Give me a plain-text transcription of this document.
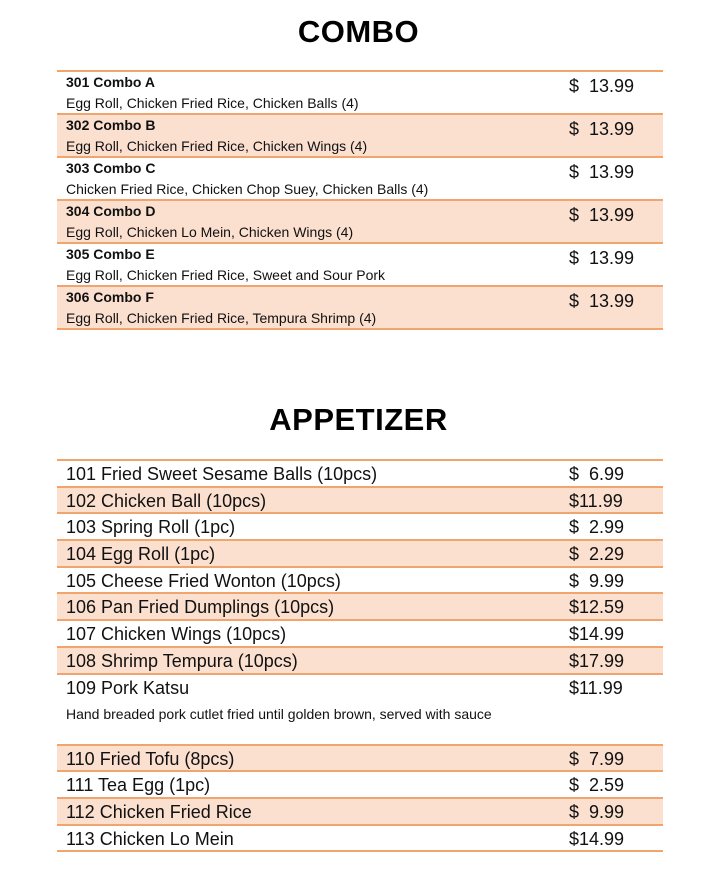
COMBO
301 Combo A
Egg Roll, Chicken Fried Rice, Chicken Balls (4)
$  13.99
302 Combo B
Egg Roll, Chicken Fried Rice, Chicken Wings (4)
$  13.99
303 Combo C
Chicken Fried Rice, Chicken Chop Suey, Chicken Balls (4)
$  13.99
304 Combo D
Egg Roll, Chicken Lo Mein, Chicken Wings (4)
$  13.99
305 Combo E
Egg Roll, Chicken Fried Rice, Sweet and Sour Pork
$  13.99
306 Combo F
Egg Roll, Chicken Fried Rice, Tempura Shrimp (4)
$  13.99
APPETIZER
101 Fried Sweet Sesame Balls (10pcs)	$  6.99
102 Chicken Ball (10pcs)	$11.99
103 Spring Roll (1pc)	$  2.99
104 Egg Roll (1pc)	$  2.29
105 Cheese Fried Wonton (10pcs)	$  9.99
106 Pan Fried Dumplings (10pcs)	$12.59
107 Chicken Wings (10pcs)	$14.99
108 Shrimp Tempura (10pcs)	$17.99
109 Pork Katsu
Hand breaded pork cutlet fried until golden brown, served with sauce
$11.99
110 Fried Tofu (8pcs)	$  7.99
111 Tea Egg (1pc)	$  2.59
112 Chicken Fried Rice	$  9.99
113 Chicken Lo Mein	$14.99
